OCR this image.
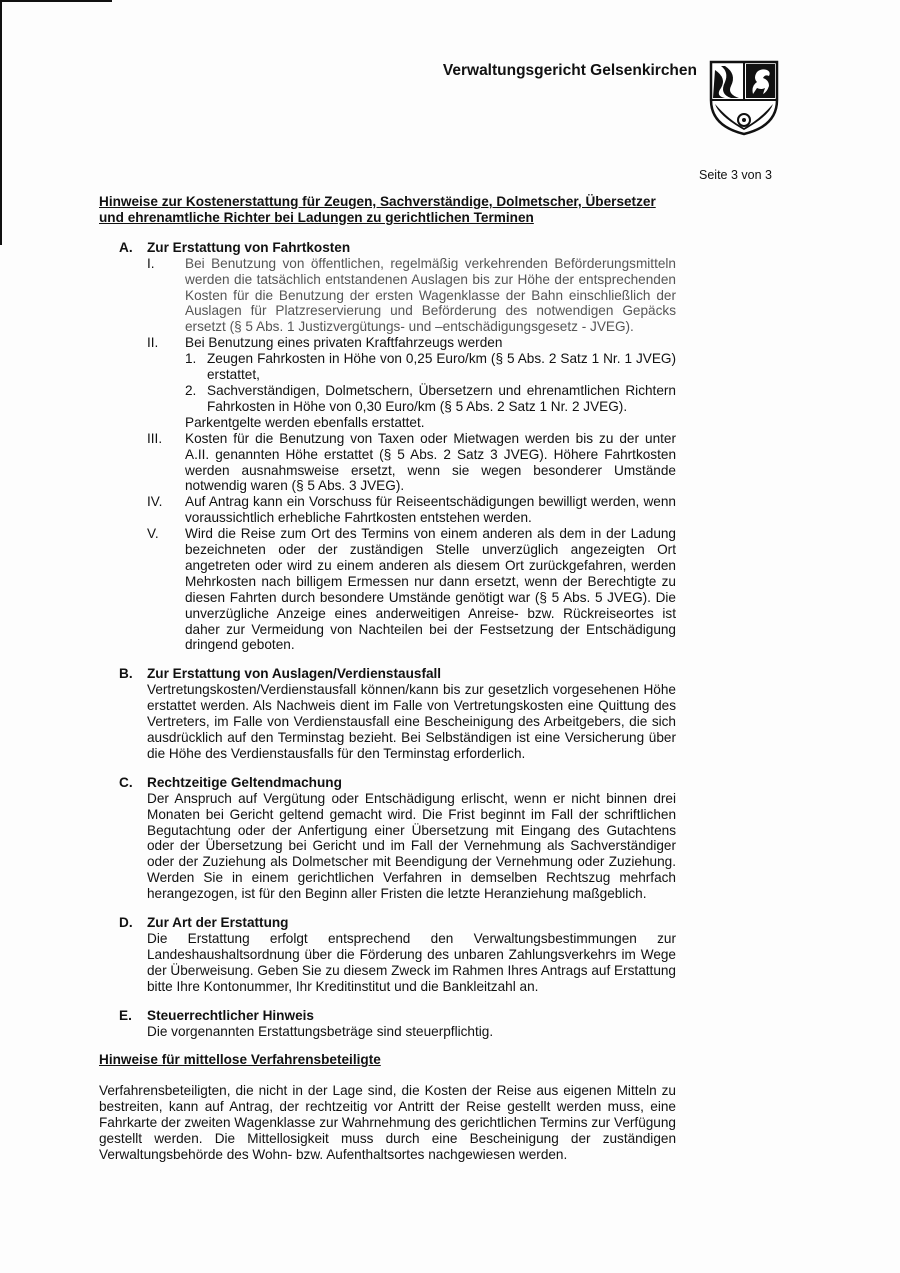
Verwaltungsgericht Gelsenkirchen
Seite 3 von 3
Hinweise zur Kostenerstattung für Zeugen, Sachverständige, Dolmetscher, Übersetzer
und ehrenamtliche Richter bei Ladungen zu gerichtlichen Terminen
A.	Zur Erstattung von Fahrtkosten
I.	Bei Benutzung von öffentlichen, regelmäßig verkehrenden Beförderungsmitteln werden die tatsächlich entstandenen Auslagen bis zur Höhe der entsprechenden Kosten für die Benutzung der ersten Wagenklasse der Bahn einschließlich der Auslagen für Platzreservierung und Beförderung des notwendigen Gepäcks ersetzt (§ 5 Abs. 1 Justizvergütungs- und –entschädigungsgesetz - JVEG).
II.	Bei Benutzung eines privaten Kraftfahrzeugs werden
1. Zeugen Fahrkosten in Höhe von 0,25 Euro/km (§ 5 Abs. 2 Satz 1 Nr. 1 JVEG) erstattet,
2. Sachverständigen, Dolmetschern, Übersetzern und ehrenamtlichen Richtern Fahrkosten in Höhe von 0,30 Euro/km (§ 5 Abs. 2 Satz 1 Nr. 2 JVEG).
Parkentgelte werden ebenfalls erstattet.
III.	Kosten für die Benutzung von Taxen oder Mietwagen werden bis zu der unter A.II. genannten Höhe erstattet (§ 5 Abs. 2 Satz 3 JVEG). Höhere Fahrtkosten werden ausnahmsweise ersetzt, wenn sie wegen besonderer Umstände notwendig waren (§ 5 Abs. 3 JVEG).
IV.	Auf Antrag kann ein Vorschuss für Reiseentschädigungen bewilligt werden, wenn voraussichtlich erhebliche Fahrtkosten entstehen werden.
V.	Wird die Reise zum Ort des Termins von einem anderen als dem in der Ladung bezeichneten oder der zuständigen Stelle unverzüglich angezeigten Ort angetreten oder wird zu einem anderen als diesem Ort zurückgefahren, werden Mehrkosten nach billigem Ermessen nur dann ersetzt, wenn der Berechtigte zu diesen Fahrten durch besondere Umstände genötigt war (§ 5 Abs. 5 JVEG). Die unverzügliche Anzeige eines anderweitigen Anreise- bzw. Rückreiseortes ist daher zur Vermeidung von Nachteilen bei der Festsetzung der Entschädigung dringend geboten.
B.	Zur Erstattung von Auslagen/Verdienstausfall
Vertretungskosten/Verdienstausfall können/kann bis zur gesetzlich vorgesehenen Höhe erstattet werden. Als Nachweis dient im Falle von Vertretungskosten eine Quittung des Vertreters, im Falle von Verdienstausfall eine Bescheinigung des Arbeitgebers, die sich ausdrücklich auf den Terminstag bezieht. Bei Selbständigen ist eine Versicherung über die Höhe des Verdienstausfalls für den Terminstag erforderlich.
C.	Rechtzeitige Geltendmachung
Der Anspruch auf Vergütung oder Entschädigung erlischt, wenn er nicht binnen drei Monaten bei Gericht geltend gemacht wird. Die Frist beginnt im Fall der schriftlichen Begutachtung oder der Anfertigung einer Übersetzung mit Eingang des Gutachtens oder der Übersetzung bei Gericht und im Fall der Vernehmung als Sachverständiger oder der Zuziehung als Dolmetscher mit Beendigung der Vernehmung oder Zuziehung. Werden Sie in einem gerichtlichen Verfahren in demselben Rechtszug mehrfach herangezogen, ist für den Beginn aller Fristen die letzte Heranziehung maßgeblich.
D.	Zur Art der Erstattung
Die Erstattung erfolgt entsprechend den Verwaltungsbestimmungen zur Landeshaushaltsordnung über die Förderung des unbaren Zahlungsverkehrs im Wege der Überweisung. Geben Sie zu diesem Zweck im Rahmen Ihres Antrags auf Erstattung bitte Ihre Kontonummer, Ihr Kreditinstitut und die Bankleitzahl an.
E.	Steuerrechtlicher Hinweis
Die vorgenannten Erstattungsbeträge sind steuerpflichtig.
Hinweise für mittellose Verfahrensbeteiligte
Verfahrensbeteiligten, die nicht in der Lage sind, die Kosten der Reise aus eigenen Mitteln zu bestreiten, kann auf Antrag, der rechtzeitig vor Antritt der Reise gestellt werden muss, eine Fahrkarte der zweiten Wagenklasse zur Wahrnehmung des gerichtlichen Termins zur Verfügung gestellt werden. Die Mittellosigkeit muss durch eine Bescheinigung der zuständigen Verwaltungsbehörde des Wohn- bzw. Aufenthaltsortes nachgewiesen werden.
